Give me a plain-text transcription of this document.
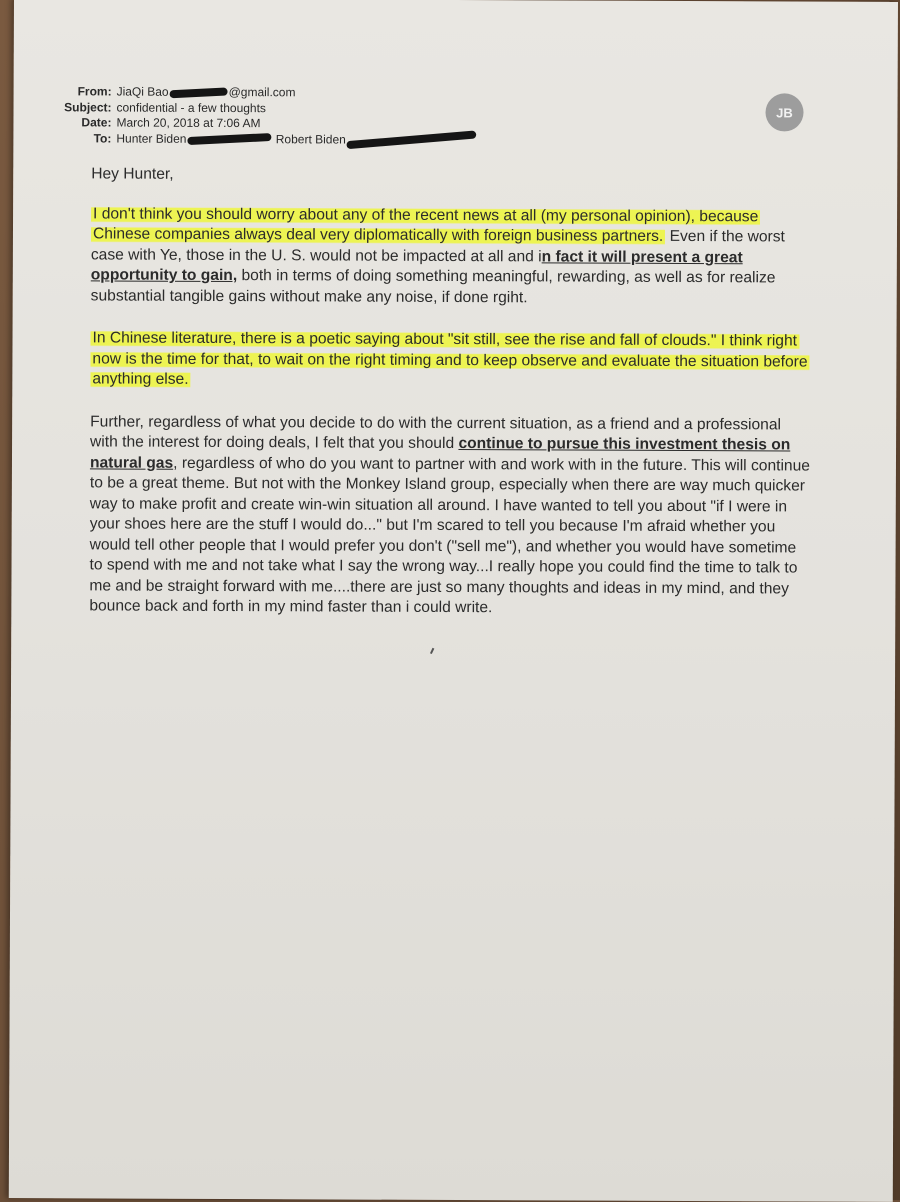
From: JiaQi Bao	@gmail.com
Subject: confidential - a few thoughts
Date: March 20, 2018 at 7:06 AM
To: Hunter Biden	Robert Biden
JB

Hey Hunter,

I don't think you should worry about any of the recent news at all (my personal opinion), because Chinese companies always deal very diplomatically with foreign business partners. Even if the worst case with Ye, those in the U. S. would not be impacted at all and in fact it will present a great opportunity to gain, both in terms of doing something meaningful, rewarding, as well as for realize substantial tangible gains without make any noise, if done rgiht.

In Chinese literature, there is a poetic saying about "sit still, see the rise and fall of clouds." I think right now is the time for that, to wait on the right timing and to keep observe and evaluate the situation before anything else.

Further, regardless of what you decide to do with the current situation, as a friend and a professional with the interest for doing deals, I felt that you should continue to pursue this investment thesis on natural gas, regardless of who do you want to partner with and work with in the future. This will continue to be a great theme. But not with the Monkey Island group, especially when there are way much quicker way to make profit and create win-win situation all around. I have wanted to tell you about "if I were in your shoes here are the stuff I would do..." but I'm scared to tell you because I'm afraid whether you would tell other people that I would prefer you don't ("sell me"), and whether you would have sometime to spend with me and not take what I say the wrong way...I really hope you could find the time to talk to me and be straight forward with me....there are just so many thoughts and ideas in my mind, and they bounce back and forth in my mind faster than i could write.
